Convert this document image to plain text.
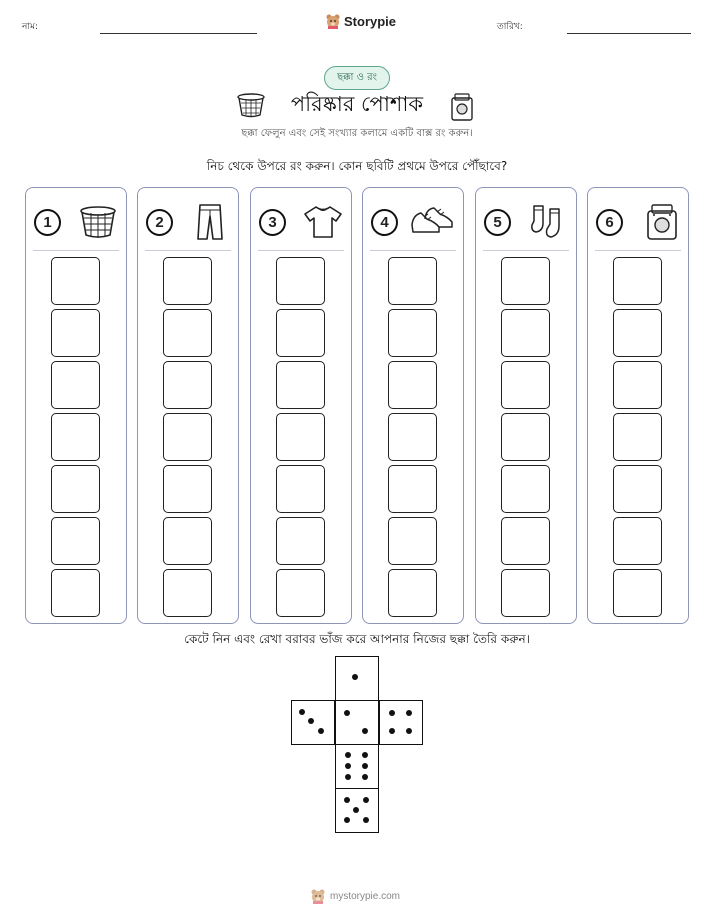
নাম:	Storypie	তারিখ:
ছক্কা ও রং
পরিষ্কার পোশাক
ছক্কা ফেলুন এবং সেই সংখ্যার কলামে একটি বাক্স রং করুন।
নিচ থেকে উপরে রং করুন। কোন ছবিটি প্রথমে উপরে পৌঁছাবে?
1	2	3	4	5	6
কেটে নিন এবং রেখা বরাবর ভাঁজ করে আপনার নিজের ছক্কা তৈরি করুন।
mystorypie.com
